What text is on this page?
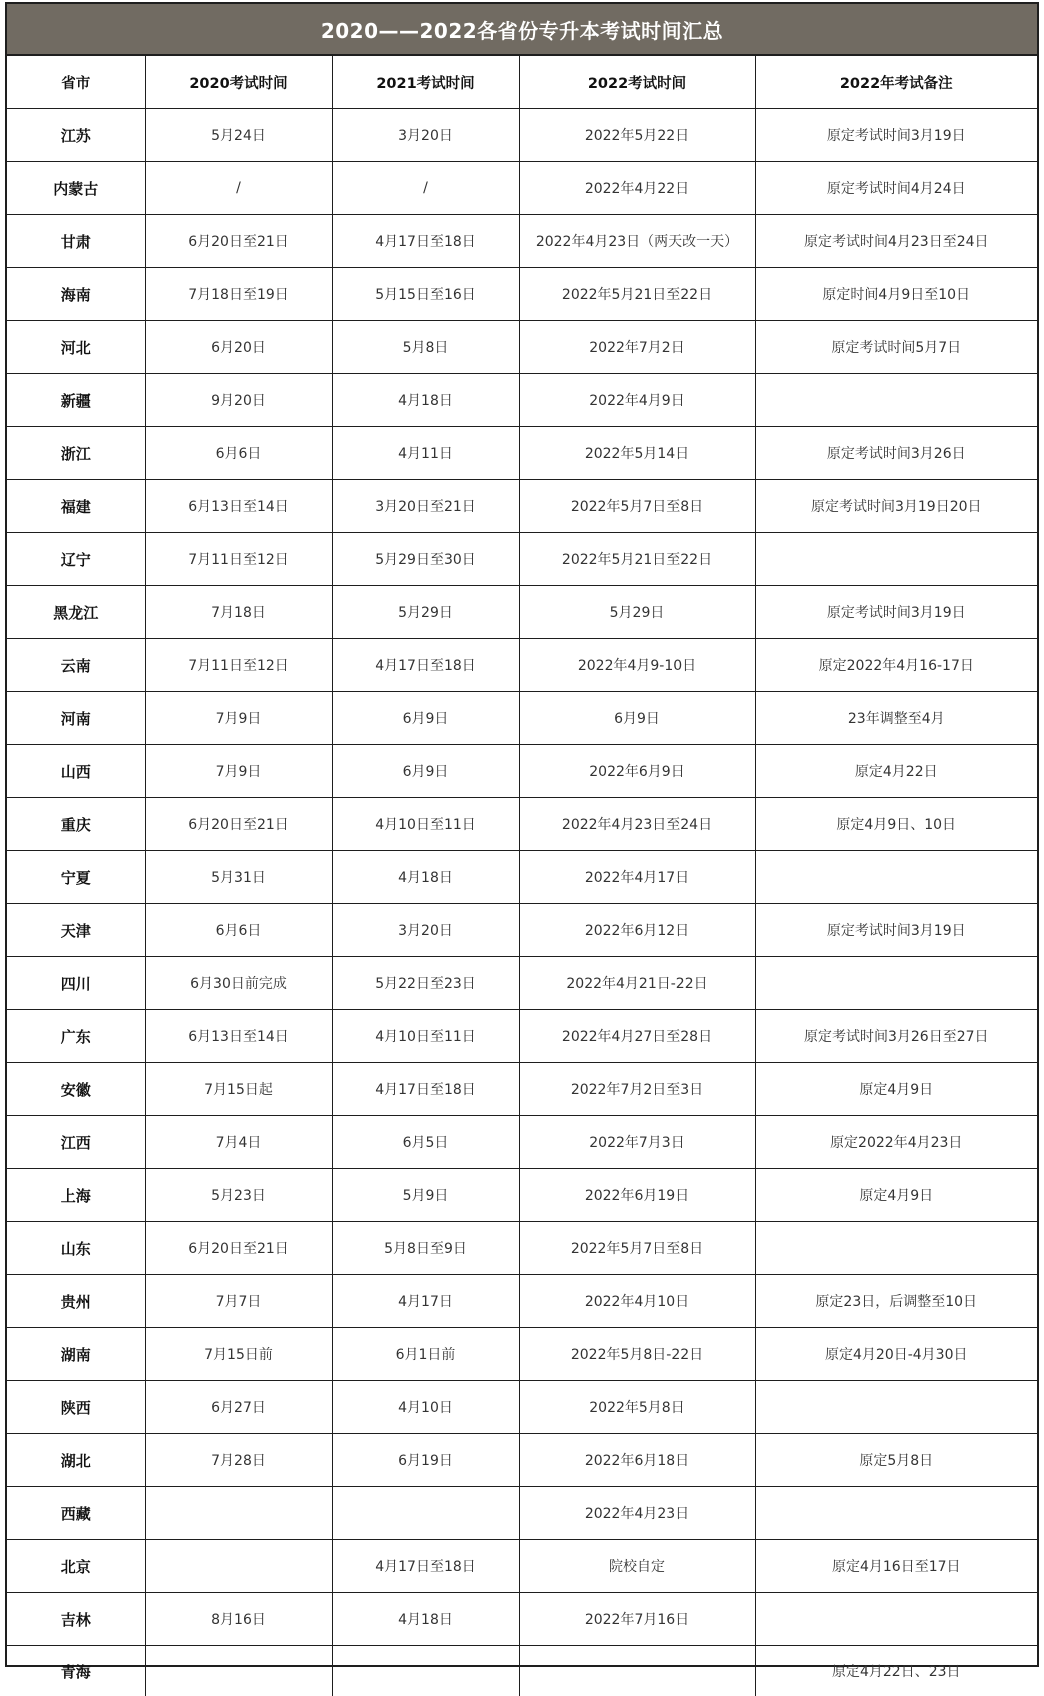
2020——2022各省份专升本考试时间汇总
省市	2020考试时间	2021考试时间	2022考试时间	2022年考试备注
江苏	5月24日	3月20日	2022年5月22日	原定考试时间3月19日
内蒙古	/	/	2022年4月22日	原定考试时间4月24日
甘肃	6月20日至21日	4月17日至18日	2022年4月23日（两天改一天）	原定考试时间4月23日至24日
海南	7月18日至19日	5月15日至16日	2022年5月21日至22日	原定时间4月9日至10日
河北	6月20日	5月8日	2022年7月2日	原定考试时间5月7日
新疆	9月20日	4月18日	2022年4月9日	
浙江	6月6日	4月11日	2022年5月14日	原定考试时间3月26日
福建	6月13日至14日	3月20日至21日	2022年5月7日至8日	原定考试时间3月19日20日
辽宁	7月11日至12日	5月29日至30日	2022年5月21日至22日	
黑龙江	7月18日	5月29日	5月29日	原定考试时间3月19日
云南	7月11日至12日	4月17日至18日	2022年4月9-10日	原定2022年4月16-17日
河南	7月9日	6月9日	6月9日	23年调整至4月
山西	7月9日	6月9日	2022年6月9日	原定4月22日
重庆	6月20日至21日	4月10日至11日	2022年4月23日至24日	原定4月9日、10日
宁夏	5月31日	4月18日	2022年4月17日	
天津	6月6日	3月20日	2022年6月12日	原定考试时间3月19日
四川	6月30日前完成	5月22日至23日	2022年4月21日-22日	
广东	6月13日至14日	4月10日至11日	2022年4月27日至28日	原定考试时间3月26日至27日
安徽	7月15日起	4月17日至18日	2022年7月2日至3日	原定4月9日
江西	7月4日	6月5日	2022年7月3日	原定2022年4月23日
上海	5月23日	5月9日	2022年6月19日	原定4月9日
山东	6月20日至21日	5月8日至9日	2022年5月7日至8日	
贵州	7月7日	4月17日	2022年4月10日	原定23日，后调整至10日
湖南	7月15日前	6月1日前	2022年5月8日-22日	原定4月20日-4月30日
陕西	6月27日	4月10日	2022年5月8日	
湖北	7月28日	6月19日	2022年6月18日	原定5月8日
西藏			2022年4月23日	
北京		4月17日至18日	院校自定	原定4月16日至17日
吉林	8月16日	4月18日	2022年7月16日	
青海				原定4月22日、23日
